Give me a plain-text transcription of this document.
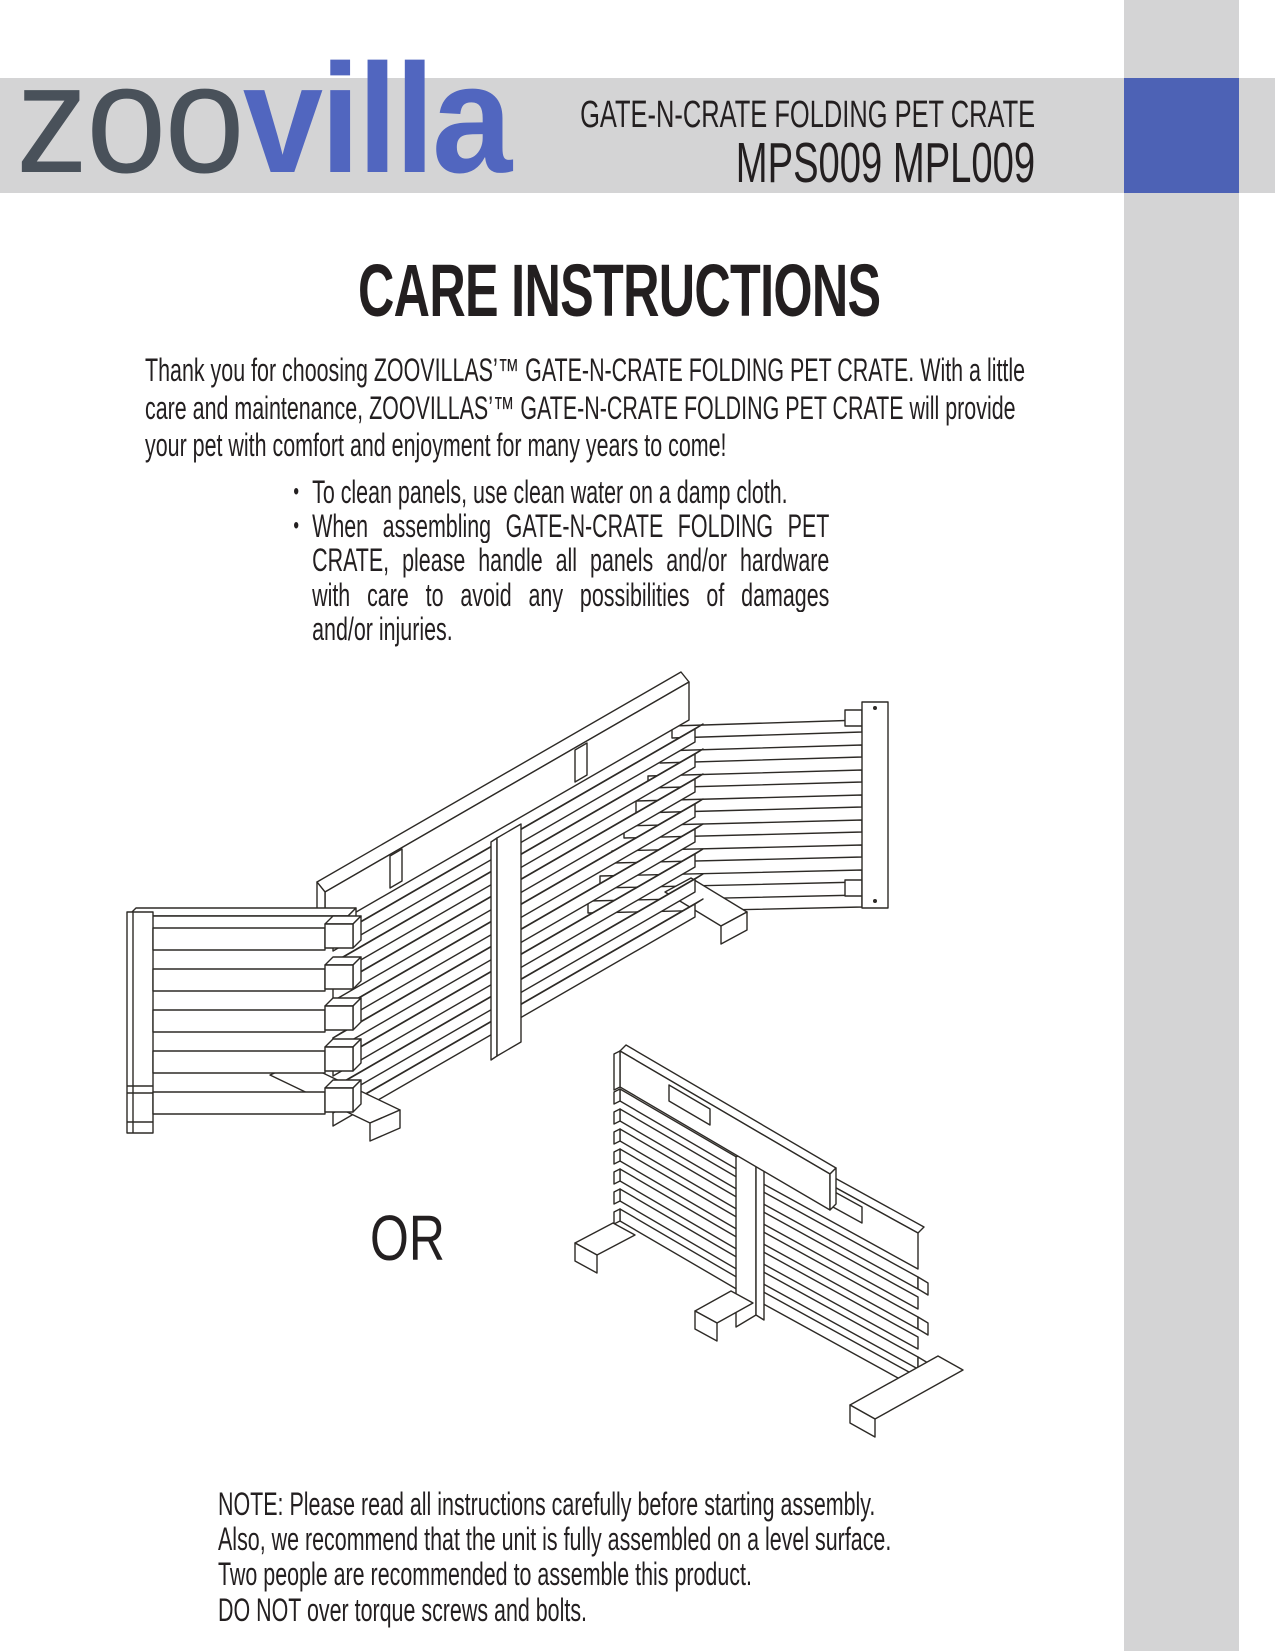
zoovilla GATE-N-CRATE FOLDING PET CRATE
MPS009 MPL009
CARE INSTRUCTIONS
Thank you for choosing ZOOVILLAS’™ GATE-N-CRATE FOLDING PET CRATE. With a little
care and maintenance, ZOOVILLAS’™ GATE-N-CRATE FOLDING PET CRATE will provide
your pet with comfort and enjoyment for many years to come!
• To clean panels, use clean water on a damp cloth.
• When assembling GATE-N-CRATE FOLDING PET
CRATE, please handle all panels and/or hardware
with care to avoid any possibilities of damages
and/or injuries.
OR
NOTE: Please read all instructions carefully before starting assembly.
Also, we recommend that the unit is fully assembled on a level surface.
Two people are recommended to assemble this product.
DO NOT over torque screws and bolts.
